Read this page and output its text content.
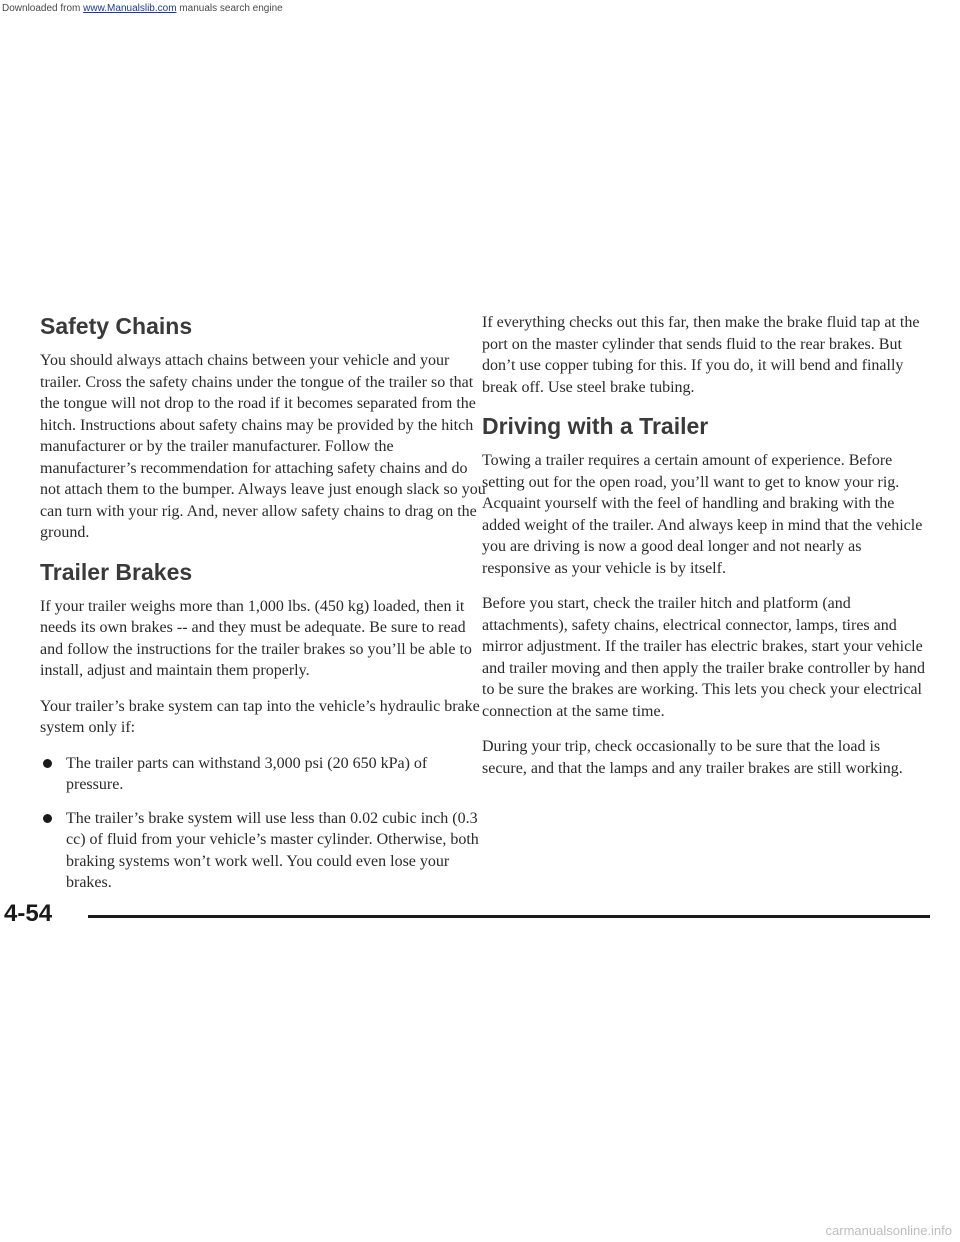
Downloaded from www.Manualslib.com manuals search engine
Safety Chains

You should always attach chains between your vehicle and your trailer. Cross the safety chains under the tongue of the trailer so that the tongue will not drop to the road if it becomes separated from the hitch. Instructions about safety chains may be provided by the hitch manufacturer or by the trailer manufacturer. Follow the manufacturer’s recommendation for attaching safety chains and do not attach them to the bumper. Always leave just enough slack so you can turn with your rig. And, never allow safety chains to drag on the ground.

Trailer Brakes

If your trailer weighs more than 1,000 lbs. (450 kg) loaded, then it needs its own brakes -- and they must be adequate. Be sure to read and follow the instructions for the trailer brakes so you’ll be able to install, adjust and maintain them properly.

Your trailer’s brake system can tap into the vehicle’s hydraulic brake system only if:

The trailer parts can withstand 3,000 psi (20 650 kPa) of pressure.
The trailer’s brake system will use less than 0.02 cubic inch (0.3 cc) of fluid from your vehicle’s master cylinder. Otherwise, both braking systems won’t work well. You could even lose your brakes.

If everything checks out this far, then make the brake fluid tap at the port on the master cylinder that sends fluid to the rear brakes. But don’t use copper tubing for this. If you do, it will bend and finally break off. Use steel brake tubing.

Driving with a Trailer

Towing a trailer requires a certain amount of experience. Before setting out for the open road, you’ll want to get to know your rig. Acquaint yourself with the feel of handling and braking with the added weight of the trailer. And always keep in mind that the vehicle you are driving is now a good deal longer and not nearly as responsive as your vehicle is by itself.

Before you start, check the trailer hitch and platform (and attachments), safety chains, electrical connector, lamps, tires and mirror adjustment. If the trailer has electric brakes, start your vehicle and trailer moving and then apply the trailer brake controller by hand to be sure the brakes are working. This lets you check your electrical connection at the same time.

During your trip, check occasionally to be sure that the load is secure, and that the lamps and any trailer brakes are still working.

4-54
carmanualsonline.info
